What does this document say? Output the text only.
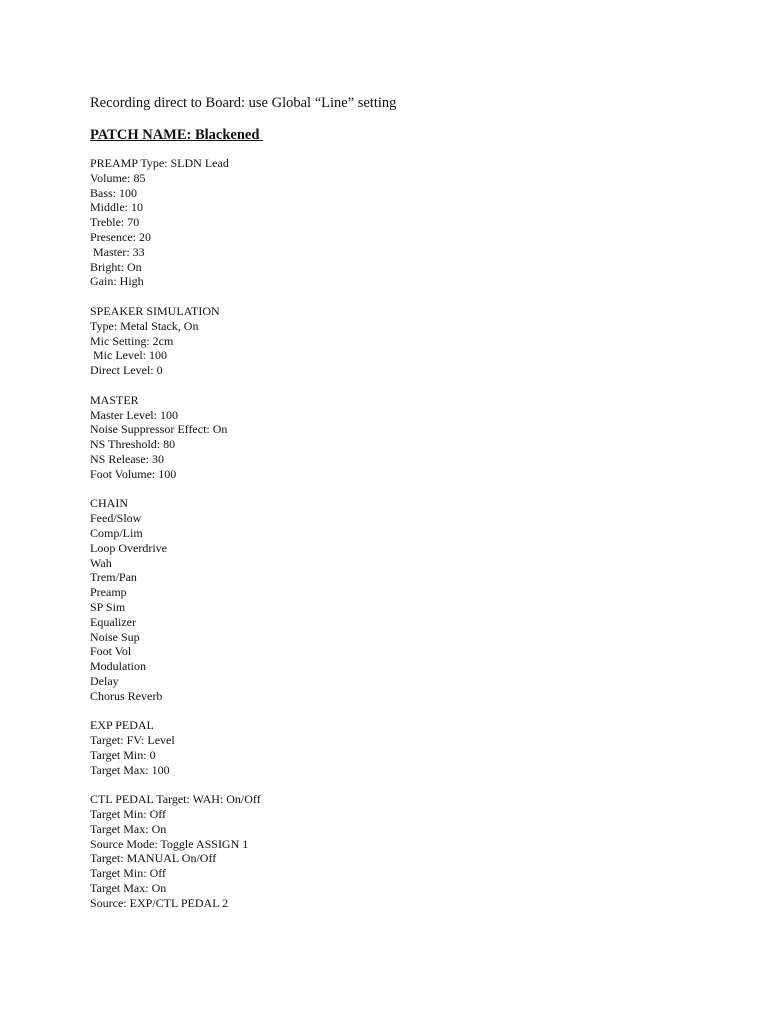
Recording direct to Board: use Global “Line” setting
PATCH NAME: Blackened
PREAMP Type: SLDN Lead
Volume: 85
Bass: 100
Middle: 10
Treble: 70
Presence: 20
Master: 33
Bright: On
Gain: High
SPEAKER SIMULATION
Type: Metal Stack, On
Mic Setting: 2cm
Mic Level: 100
Direct Level: 0
MASTER
Master Level: 100
Noise Suppressor Effect: On
NS Threshold: 80
NS Release: 30
Foot Volume: 100
CHAIN
Feed/Slow
Comp/Lim
Loop Overdrive
Wah
Trem/Pan
Preamp
SP Sim
Equalizer
Noise Sup
Foot Vol
Modulation
Delay
Chorus Reverb
EXP PEDAL
Target: FV: Level
Target Min: 0
Target Max: 100
CTL PEDAL Target: WAH: On/Off
Target Min: Off
Target Max: On
Source Mode: Toggle ASSIGN 1
Target: MANUAL On/Off
Target Min: Off
Target Max: On
Source: EXP/CTL PEDAL 2
